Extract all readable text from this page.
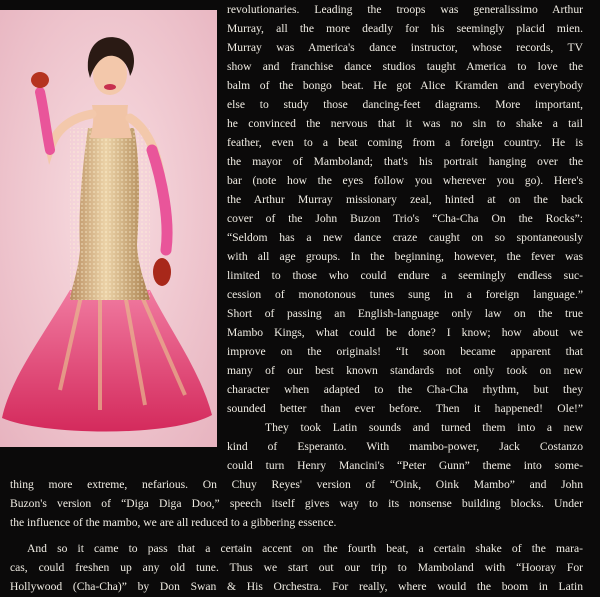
revolutionaries. Leading the troops was generalissimo Arthur
Murray, all the more deadly for his seemingly placid mien.
Murray was America's dance instructor, whose records, TV
show and franchise dance studios taught America to love the
balm of the bongo beat. He got Alice Kramden and everybody
else to study those dancing-feet diagrams. More important,
he convinced the nervous that it was no sin to shake a tail
feather, even to a beat coming from a foreign country. He is
the mayor of Mamboland; that's his portrait hanging over the
bar (note how the eyes follow you wherever you go). Here's
the Arthur Murray missionary zeal, hinted at on the back
cover of the John Buzon Trio's “Cha-Cha On the Rocks”:
“Seldom has a new dance craze caught on so spontaneously
with all age groups. In the beginning, however, the fever was
limited to those who could endure a seemingly endless suc-
cession of monotonous tunes sung in a foreign language.”
Short of passing an English-language only law on the true
Mambo Kings, what could be done? I know; how about we
improve on the originals! “It soon became apparent that
many of our best known standards not only took on new
character when adapted to the Cha-Cha rhythm, but they
sounded better than ever before. Then it happened! Ole!”
They took Latin sounds and turned them into a new
kind of Esperanto. With mambo-power, Jack Costanzo
could turn Henry Mancini's “Peter Gunn” theme into some-
thing more extreme, nefarious. On Chuy Reyes' version of “Oink, Oink Mambo” and John
Buzon's version of “Diga Diga Doo,” speech itself gives way to its nonsense building blocks. Under
the influence of the mambo, we are all reduced to a gibbering essence.
And so it came to pass that a certain accent on the fourth beat, a certain shake of the mara-
cas, could freshen up any old tune. Thus we start out our trip to Mamboland with “Hooray For
Hollywood (Cha-Cha)” by Don Swan & His Orchestra. For really, where would the boom in Latin
